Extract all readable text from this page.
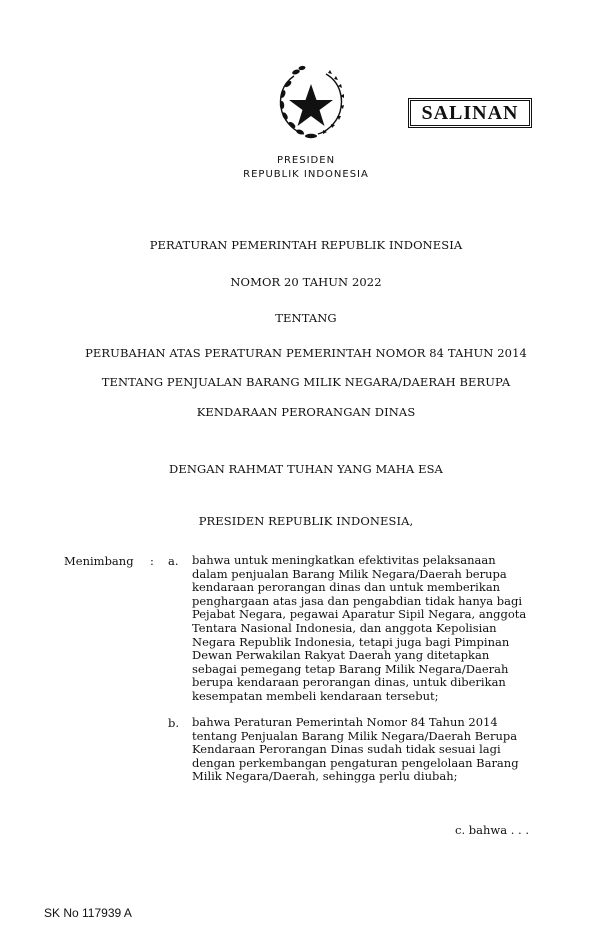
SALINAN
PRESIDEN
REPUBLIK INDONESIA
PERATURAN PEMERINTAH REPUBLIK INDONESIA
NOMOR 20 TAHUN 2022
TENTANG
PERUBAHAN ATAS PERATURAN PEMERINTAH NOMOR 84 TAHUN 2014
TENTANG PENJUALAN BARANG MILIK NEGARA/DAERAH BERUPA
KENDARAAN PERORANGAN DINAS
DENGAN RAHMAT TUHAN YANG MAHA ESA
PRESIDEN REPUBLIK INDONESIA,
Menimbang : a. bahwa untuk meningkatkan efektivitas pelaksanaan
dalam penjualan Barang Milik Negara/Daerah berupa
kendaraan perorangan dinas dan untuk memberikan
penghargaan atas jasa dan pengabdian tidak hanya bagi
Pejabat Negara, pegawai Aparatur Sipil Negara, anggota
Tentara Nasional Indonesia, dan anggota Kepolisian
Negara Republik Indonesia, tetapi juga bagi Pimpinan
Dewan Perwakilan Rakyat Daerah yang ditetapkan
sebagai pemegang tetap Barang Milik Negara/Daerah
berupa kendaraan perorangan dinas, untuk diberikan
kesempatan membeli kendaraan tersebut;
b. bahwa Peraturan Pemerintah Nomor 84 Tahun 2014
tentang Penjualan Barang Milik Negara/Daerah Berupa
Kendaraan Perorangan Dinas sudah tidak sesuai lagi
dengan perkembangan pengaturan pengelolaan Barang
Milik Negara/Daerah, sehingga perlu diubah;
c. bahwa . . .
SK No 117939 A
